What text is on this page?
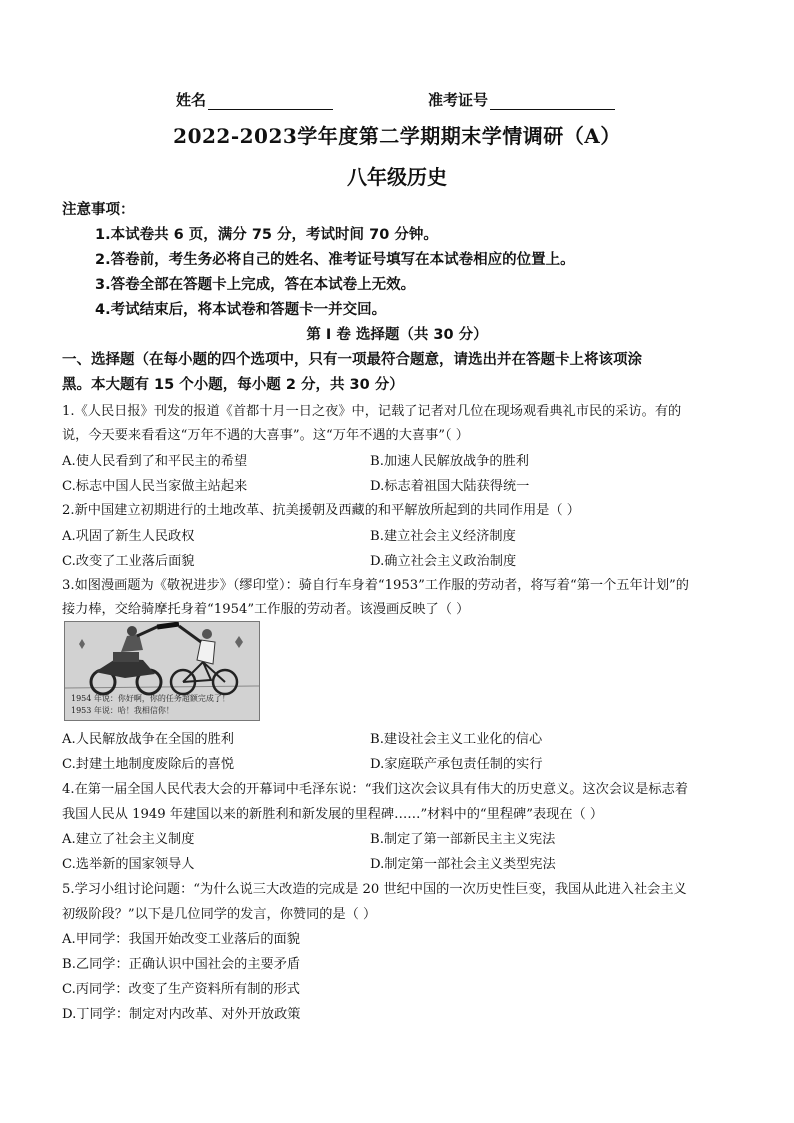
姓名	准考证号
2022-2023学年度第二学期期末学情调研（A）
八年级历史
注意事项：
1.本试卷共 6 页，满分 75 分，考试时间 70 分钟。
2.答卷前，考生务必将自己的姓名、准考证号填写在本试卷相应的位置上。
3.答卷全部在答题卡上完成，答在本试卷上无效。
4.考试结束后，将本试卷和答题卡一并交回。
第 I 卷 选择题（共 30 分）
一、选择题（在每小题的四个选项中，只有一项最符合题意，请选出并在答题卡上将该项涂
黑。本大题有 15 个小题，每小题 2 分，共 30 分）
1.《人民日报》刊发的报道《首都十月一日之夜》中，记载了记者对几位在现场观看典礼市民的采访。有的
说，今天要来看看这“万年不遇的大喜事”。这“万年不遇的大喜事”（ ）
A.使人民看到了和平民主的希望	B.加速人民解放战争的胜利
C.标志中国人民当家做主站起来	D.标志着祖国大陆获得统一
2.新中国建立初期进行的土地改革、抗美援朝及西藏的和平解放所起到的共同作用是（ ）
A.巩固了新生人民政权	B.建立社会主义经济制度
C.改变了工业落后面貌	D.确立社会主义政治制度
3.如图漫画题为《敬祝进步》（缪印堂）：骑自行车身着“1953”工作服的劳动者，将写着“第一个五年计划”的
接力棒，交给骑摩托身着“1954”工作服的劳动者。该漫画反映了（ ）
1954 年说：你好啊，你的任务超额完成了！
1953 年说：哈！我相信你！
A.人民解放战争在全国的胜利	B.建设社会主义工业化的信心
C.封建土地制度废除后的喜悦	D.家庭联产承包责任制的实行
4.在第一届全国人民代表大会的开幕词中毛泽东说：“我们这次会议具有伟大的历史意义。这次会议是标志着
我国人民从 1949 年建国以来的新胜利和新发展的里程碑……”材料中的“里程碑”表现在（ ）
A.建立了社会主义制度	B.制定了第一部新民主主义宪法
C.选举新的国家领导人	D.制定第一部社会主义类型宪法
5.学习小组讨论问题：“为什么说三大改造的完成是 20 世纪中国的一次历史性巨变，我国从此进入社会主义
初级阶段？”以下是几位同学的发言，你赞同的是（ ）
A.甲同学：我国开始改变工业落后的面貌
B.乙同学：正确认识中国社会的主要矛盾
C.丙同学：改变了生产资料所有制的形式
D.丁同学：制定对内改革、对外开放政策
